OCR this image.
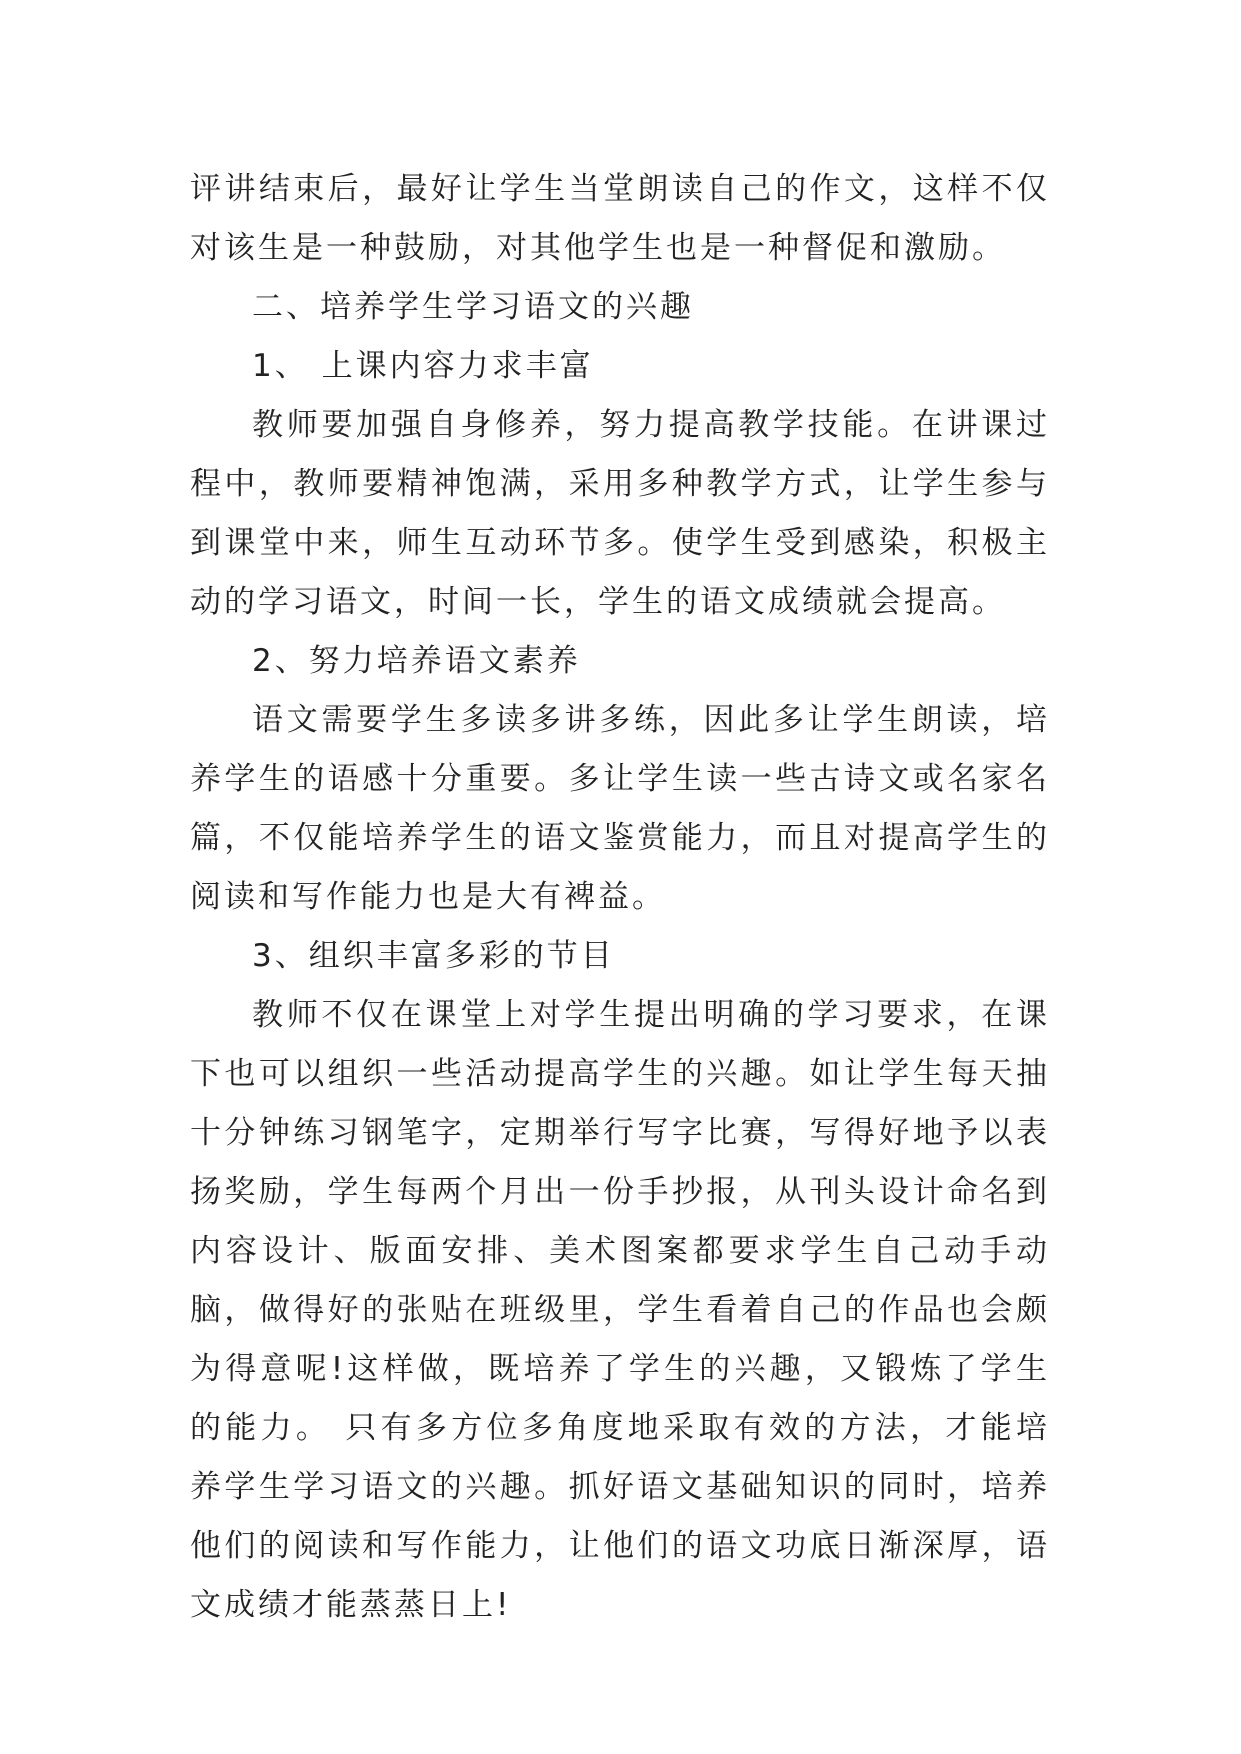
评讲结束后，最好让学生当堂朗读自己的作文，这样不仅对该生是一种鼓励，对其他学生也是一种督促和激励。

二、培养学生学习语文的兴趣

1、 上课内容力求丰富

教师要加强自身修养，努力提高教学技能。在讲课过程中，教师要精神饱满，采用多种教学方式，让学生参与到课堂中来，师生互动环节多。使学生受到感染，积极主动的学习语文，时间一长，学生的语文成绩就会提高。

2、努力培养语文素养

语文需要学生多读多讲多练，因此多让学生朗读，培养学生的语感十分重要。多让学生读一些古诗文或名家名篇，不仅能培养学生的语文鉴赏能力，而且对提高学生的阅读和写作能力也是大有裨益。

3、组织丰富多彩的节目

教师不仅在课堂上对学生提出明确的学习要求，在课下也可以组织一些活动提高学生的兴趣。如让学生每天抽十分钟练习钢笔字，定期举行写字比赛，写得好地予以表扬奖励，学生每两个月出一份手抄报，从刊头设计命名到内容设计、版面安排、美术图案都要求学生自己动手动脑，做得好的张贴在班级里，学生看着自己的作品也会颇为得意呢!这样做，既培养了学生的兴趣，又锻炼了学生的能力。 只有多方位多角度地采取有效的方法，才能培养学生学习语文的兴趣。抓好语文基础知识的同时，培养他们的阅读和写作能力，让他们的语文功底日渐深厚，语文成绩才能蒸蒸日上!
